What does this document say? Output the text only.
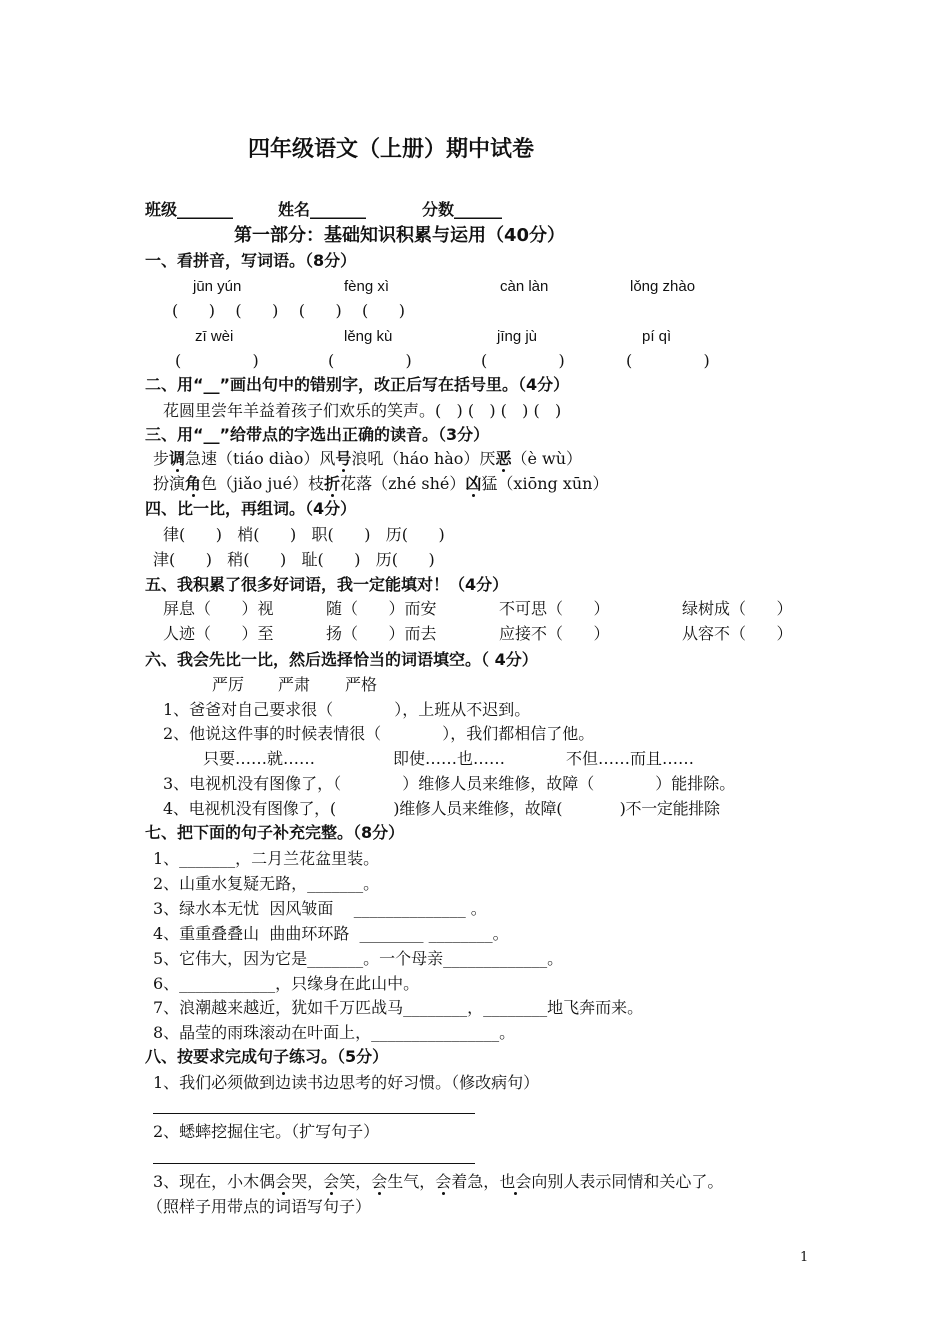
四年级语文（上册）期中试卷
班级_______	姓名_______	分数______
第一部分：基础知识积累与运用（40分）
一、看拼音，写词语。（8分）
jūn yún	fèng xì	càn làn	lǒng zhào
(      )    (      )    (      )    (      )
zī wèi	lěng kù	jīng jù	pí qì
(              )	(              )	(              )	(              )
二、用“__”画出句中的错别字，改正后写在括号里。（4分）
花圆里尝年羊益着孩子们欢乐的笑声。(   ) (   ) (   ) (   )
三、用“__”给带点的字选出正确的读音。（3分）
步调急速（tiáo diào）风号浪吼（háo hào）厌恶（è wù）
扮演角色（jiǎo jué）枝折花落（zhé shé）凶猛（xiōng xūn）
四、比一比，再组词。（4分）
律(      )   梢(      )   职(      )   历(      )
津(      )   稍(      )   耻(      )   历(      )
五、我积累了很多好词语，我一定能填对！（4分）
屏息（      ）视	随（      ）而安	不可思（      ）	绿树成（      ）
人迹（      ）至	扬（      ）而去	应接不（      ）	从容不（      ）
六、我会先比一比，然后选择恰当的词语填空。（ 4分）
严厉 严肃 严格
1、爸爸对自己要求很（            ），上班从不迟到。
2、他说这件事的时候表情很（            ），我们都相信了他。
只要……就……	即使……也……	不但……而且……
3、电视机没有图像了，（            ）维修人员来维修，故障（            ）能排除。
4、电视机没有图像了，(            )维修人员来维修，故障(            )不一定能排除
七、把下面的句子补充完整。（8分）
1、_______，二月兰花盆里装。
2、山重水复疑无路，_______。
3、绿水本无忧  因风皱面    ______________ 。
4、重重叠叠山  曲曲环环路  ________ ________。
5、它伟大，因为它是_______。一个母亲_____________。
6、____________，只缘身在此山中。
7、浪潮越来越近，犹如千万匹战马________，________地飞奔而来。
8、晶莹的雨珠滚动在叶面上，________________。
八、按要求完成句子练习。（5分）
1、我们必须做到边读书边思考的好习惯。（修改病句）
2、蟋蟀挖掘住宅。（扩写句子）
3、现在，小木偶会哭，会笑，会生气，会着急，也会向别人表示同情和关心了。
（照样子用带点的词语写句子）
1
